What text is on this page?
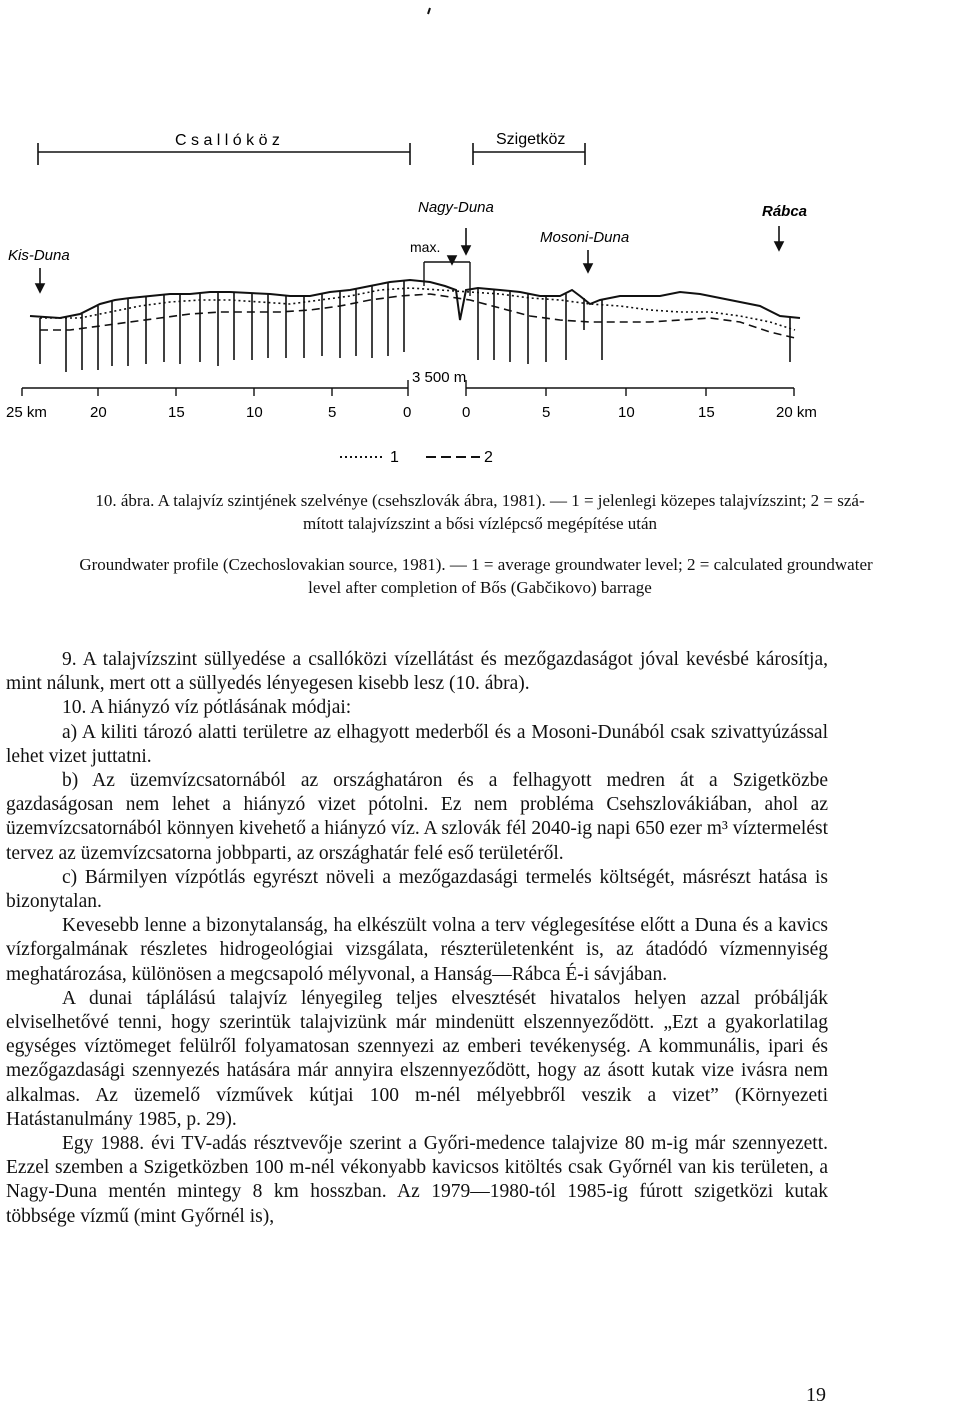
C s a l l ó k ö z	Szigetköz
Nagy-Duna	Rábca
Kis-Duna	max.
Mosoni-Duna
3 500 m
25 km	20	15	10	5	0	0	5	10	15	20 km
1	2
10. ábra. A talajvíz szintjének szelvénye (csehszlovák ábra, 1981). — 1 = jelenlegi közepes talajvízszint; 2 = szá-
mított talajvízszint a bősi vízlépcső megépítése után
Groundwater profile (Czechoslovakian source, 1981). — 1 = average groundwater level; 2 = calculated groundwater
level after completion of Bős (Gabčikovo) barrage

9. A talajvízszint süllyedése a csallóközi vízellátást és mezőgazdaságot jóval kevésbé károsítja, mint nálunk, mert ott a süllyedés lényegesen kisebb lesz (10. ábra).

10. A hiányzó víz pótlásának módjai:

a) A kiliti tározó alatti területre az elhagyott mederből és a Mosoni-Dunából csak szivattyúzással lehet vizet juttatni.

b) Az üzemvízcsatornából az országhatáron és a felhagyott medren át a Szigetközbe gazdaságosan nem lehet a hiányzó vizet pótolni. Ez nem probléma Csehszlovákiában, ahol az üzemvízcsatornából könnyen kivehető a hiányzó víz. A szlovák fél 2040-ig napi 650 ezer m³ víztermelést tervez az üzemvízcsatorna jobbparti, az országhatár felé eső területéről.

c) Bármilyen vízpótlás egyrészt növeli a mezőgazdasági termelés költségét, másrészt hatása is bizonytalan.

Kevesebb lenne a bizonytalanság, ha elkészült volna a terv véglegesítése előtt a Duna és a kavics vízforgalmának részletes hidrogeológiai vizsgálata, részterületenként is, az átadódó vízmennyiség meghatározása, különösen a megcsapoló mélyvonal, a Hanság—Rábca É-i sávjában.

A dunai táplálású talajvíz lényegileg teljes elvesztését hivatalos helyen azzal próbálják elviselhetővé tenni, hogy szerintük talajvizünk már mindenütt elszennyeződött. „Ezt a gyakorlatilag egységes víztömeget felülről folyamatosan szennyezi az emberi tevékenység. A kommunális, ipari és mezőgazdasági szennyezés hatására már annyira elszennyeződött, hogy az ásott kutak vize ivásra nem alkalmas. Az üzemelő vízművek kútjai 100 m-nél mélyebbről veszik a vizet” (Környezeti Hatástanulmány 1985, p. 29).

Egy 1988. évi TV-adás résztvevője szerint a Győri-medence talajvize 80 m-ig már szennyezett. Ezzel szemben a Szigetközben 100 m-nél vékonyabb kavicsos kitöltés csak Győrnél van kis területen, a Nagy-Duna mentén mintegy 8 km hosszban. Az 1979—1980-tól 1985-ig fúrott szigetközi kutak többsége vízmű (mint Győrnél is),

19
